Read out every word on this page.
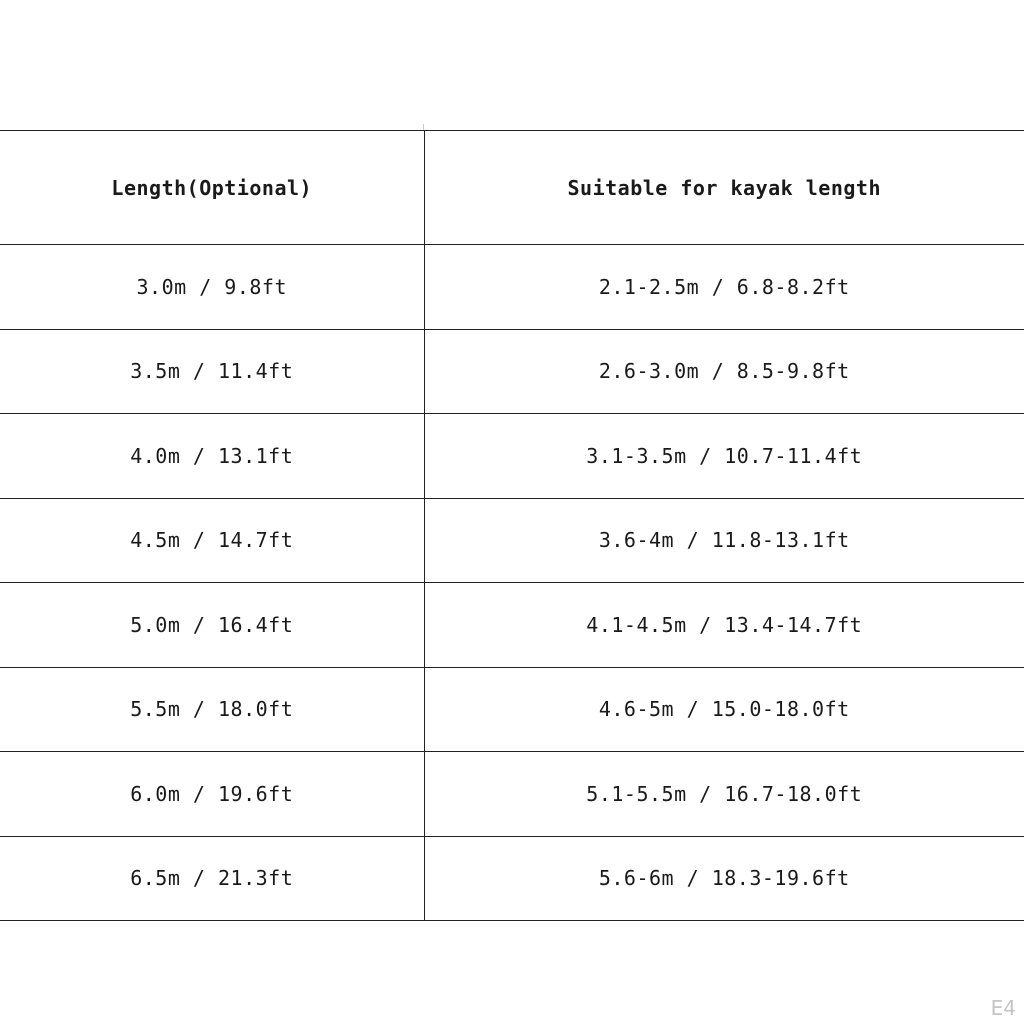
Length(Optional)	Suitable for kayak length
3.0m / 9.8ft	2.1-2.5m / 6.8-8.2ft
3.5m / 11.4ft	2.6-3.0m / 8.5-9.8ft
4.0m / 13.1ft	3.1-3.5m / 10.7-11.4ft
4.5m / 14.7ft	3.6-4m / 11.8-13.1ft
5.0m / 16.4ft	4.1-4.5m / 13.4-14.7ft
5.5m / 18.0ft	4.6-5m / 15.0-18.0ft
6.0m / 19.6ft	5.1-5.5m / 16.7-18.0ft
6.5m / 21.3ft	5.6-6m / 18.3-19.6ft
E4
